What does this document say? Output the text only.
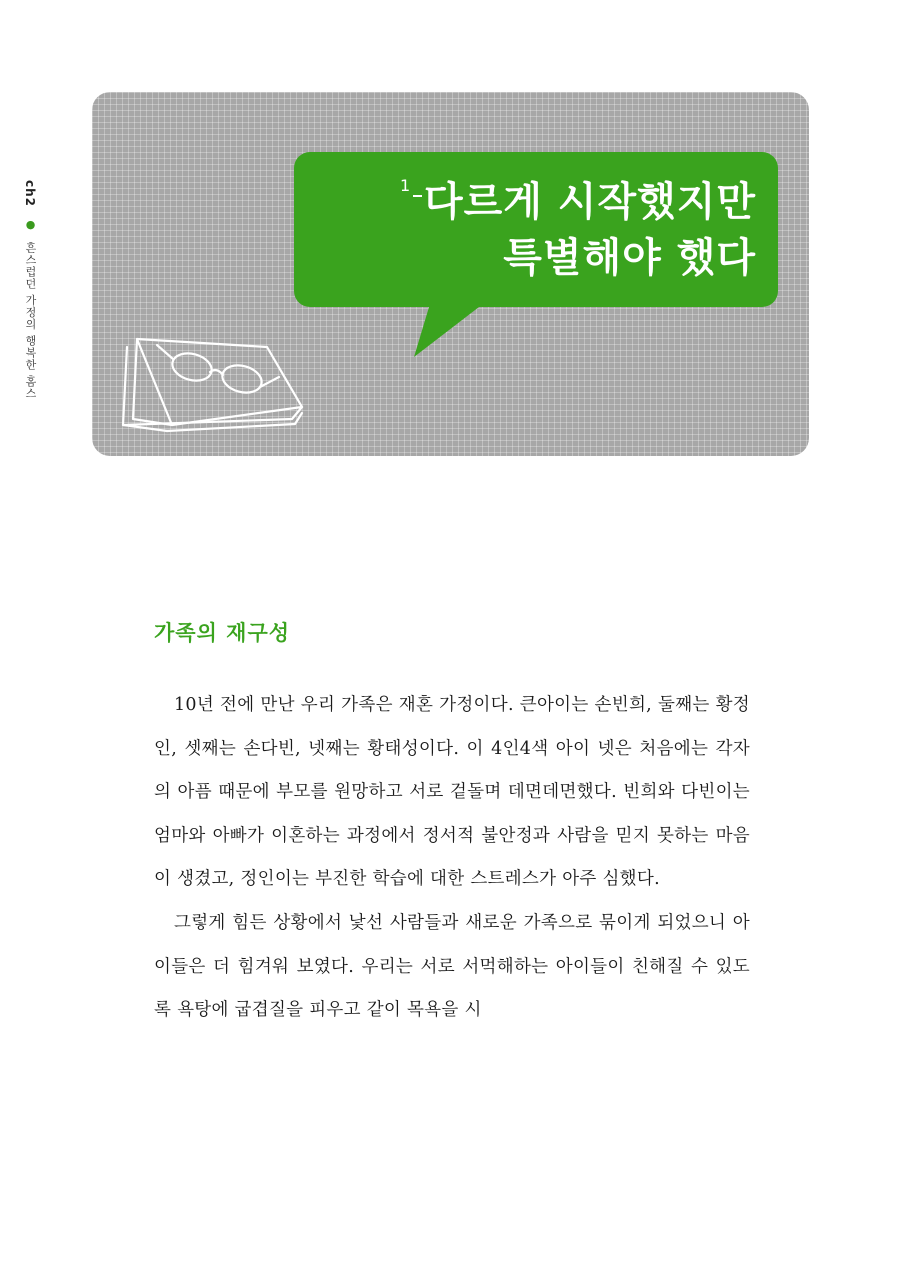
ch2 ● 흔스럽던 가정의 행복한 홈스
1 다르게 시작했지만
특별해야 했다
가족의 재구성

10년 전에 만난 우리 가족은 재혼 가정이다. 큰아이는 손빈희, 둘째는 황정인, 셋째는 손다빈, 넷째는 황태성이다. 이 4인4색 아이 넷은 처음에는 각자의 아픔 때문에 부모를 원망하고 서로 겉돌며 데면데면했다. 빈희와 다빈이는 엄마와 아빠가 이혼하는 과정에서 정서적 불안정과 사람을 믿지 못하는 마음이 생겼고, 정인이는 부진한 학습에 대한 스트레스가 아주 심했다.

그렇게 힘든 상황에서 낯선 사람들과 새로운 가족으로 묶이게 되었으니 아이들은 더 힘겨워 보였다. 우리는 서로 서먹해하는 아이들이 친해질 수 있도록 욕탕에 굽겹질을 피우고 같이 목욕을 시
